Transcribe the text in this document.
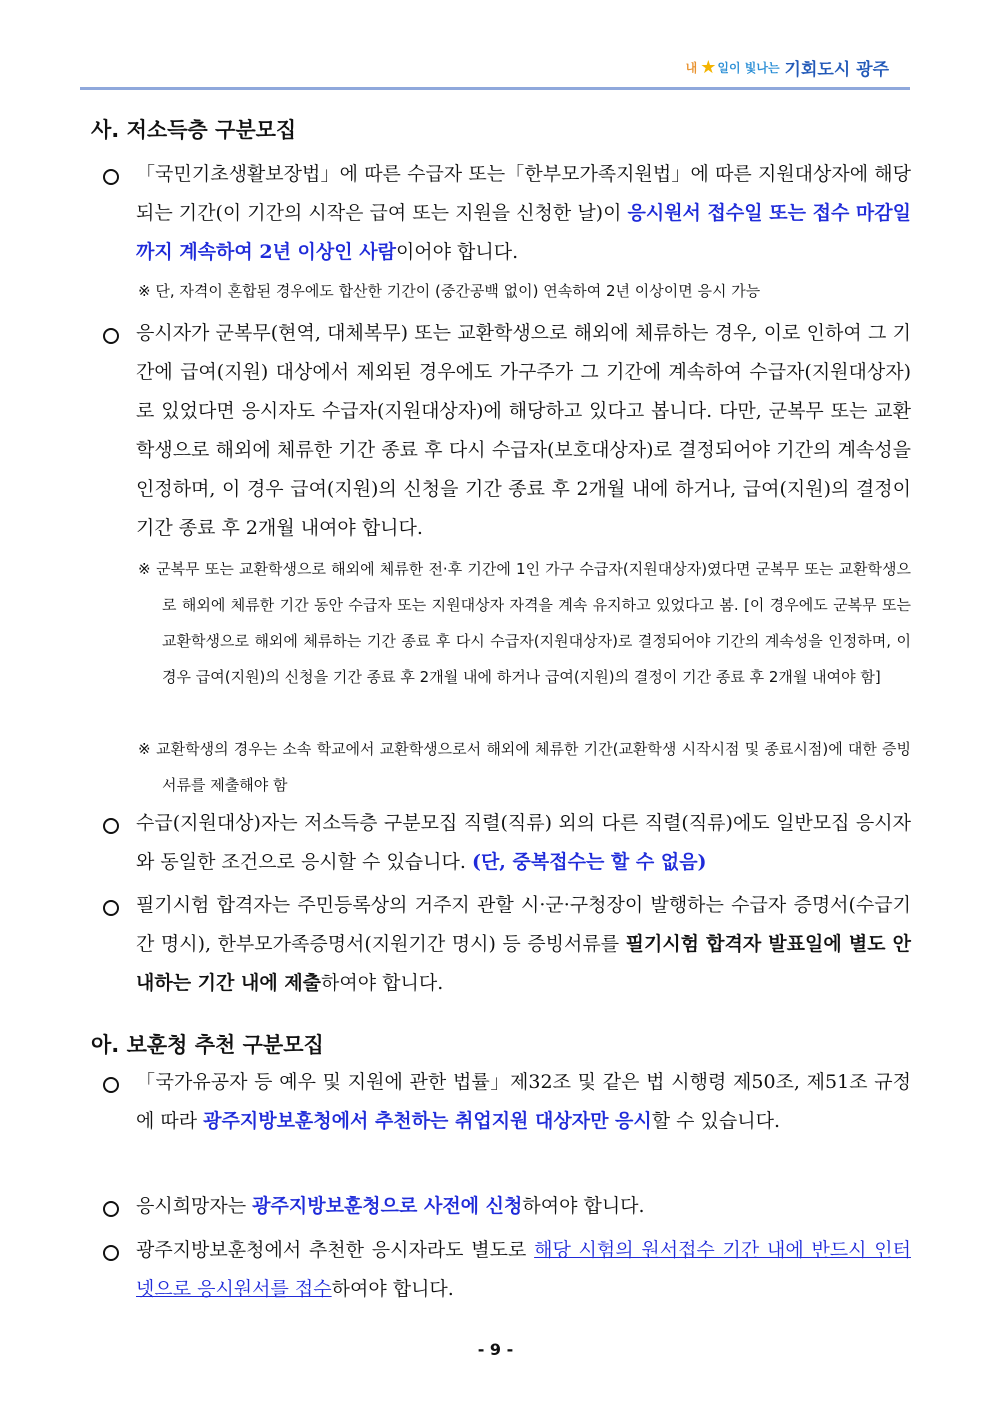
내 ★ 일이 빛나는 기회도시 광주
사. 저소득층 구분모집
「국민기초생활보장법」에 따른 수급자 또는「한부모가족지원법」에 따른 지원대상자에 해당되는 기간(이 기간의 시작은 급여 또는 지원을 신청한 날)이 응시원서 접수일 또는 접수 마감일까지 계속하여 2년 이상인 사람이어야 합니다.
※ 단, 자격이 혼합된 경우에도 합산한 기간이 (중간공백 없이) 연속하여 2년 이상이면 응시 가능
응시자가 군복무(현역, 대체복무) 또는 교환학생으로 해외에 체류하는 경우, 이로 인하여 그 기간에 급여(지원) 대상에서 제외된 경우에도 가구주가 그 기간에 계속하여 수급자(지원대상자)로 있었다면 응시자도 수급자(지원대상자)에 해당하고 있다고 봅니다. 다만, 군복무 또는 교환학생으로 해외에 체류한 기간 종료 후 다시 수급자(보호대상자)로 결정되어야 기간의 계속성을 인정하며, 이 경우 급여(지원)의 신청을 기간 종료 후 2개월 내에 하거나, 급여(지원)의 결정이 기간 종료 후 2개월 내여야 합니다.
※ 군복무 또는 교환학생으로 해외에 체류한 전·후 기간에 1인 가구 수급자(지원대상자)였다면 군복무 또는 교환학생으로 해외에 체류한 기간 동안 수급자 또는 지원대상자 자격을 계속 유지하고 있었다고 봄. [이 경우에도 군복무 또는 교환학생으로 해외에 체류하는 기간 종료 후 다시 수급자(지원대상자)로 결정되어야 기간의 계속성을 인정하며, 이 경우 급여(지원)의 신청을 기간 종료 후 2개월 내에 하거나 급여(지원)의 결정이 기간 종료 후 2개월 내여야 함]
※ 교환학생의 경우는 소속 학교에서 교환학생으로서 해외에 체류한 기간(교환학생 시작시점 및 종료시점)에 대한 증빙서류를 제출해야 함
수급(지원대상)자는 저소득층 구분모집 직렬(직류) 외의 다른 직렬(직류)에도 일반모집 응시자와 동일한 조건으로 응시할 수 있습니다. (단, 중복접수는 할 수 없음)
필기시험 합격자는 주민등록상의 거주지 관할 시·군·구청장이 발행하는 수급자 증명서(수급기간 명시), 한부모가족증명서(지원기간 명시) 등 증빙서류를 필기시험 합격자 발표일에 별도 안내하는 기간 내에 제출하여야 합니다.
아. 보훈청 추천 구분모집
「국가유공자 등 예우 및 지원에 관한 법률」제32조 및 같은 법 시행령 제50조, 제51조 규정에 따라 광주지방보훈청에서 추천하는 취업지원 대상자만 응시할 수 있습니다.
응시희망자는 광주지방보훈청으로 사전에 신청하여야 합니다.
광주지방보훈청에서 추천한 응시자라도 별도로 해당 시험의 원서접수 기간 내에 반드시 인터넷으로 응시원서를 접수하여야 합니다.
- 9 -
